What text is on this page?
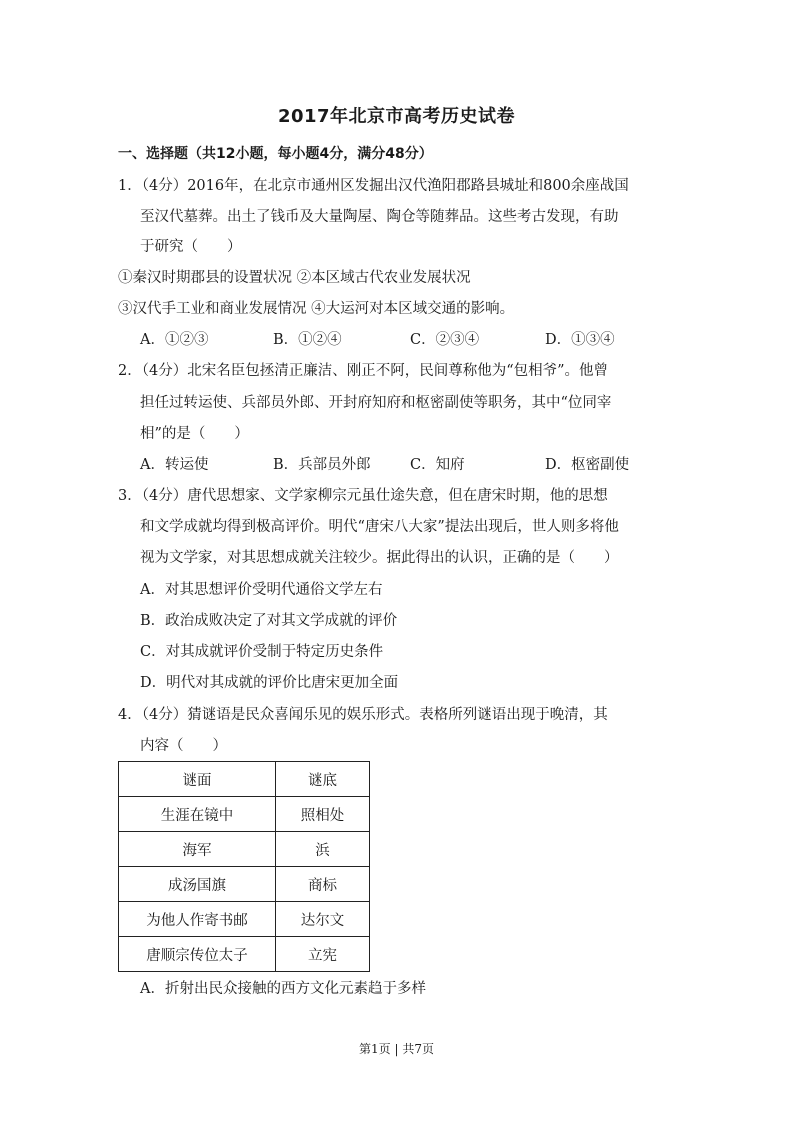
2017年北京市高考历史试卷
一、选择题（共12小题，每小题4分，满分48分）
1．（4分）2016年，在北京市通州区发掘出汉代渔阳郡路县城址和800余座战国
至汉代墓葬。出土了钱币及大量陶屋、陶仓等随葬品。这些考古发现，有助
于研究（　　）
①秦汉时期郡县的设置状况 ②本区域古代农业发展状况
③汉代手工业和商业发展情况 ④大运河对本区域交通的影响。
A．①②③	B．①②④	C．②③④	D．①③④
2．（4分）北宋名臣包拯清正廉洁、刚正不阿，民间尊称他为“包相爷”。他曾
担任过转运使、兵部员外郎、开封府知府和枢密副使等职务，其中“位同宰
相”的是（　　）
A．转运使	B．兵部员外郎	C．知府	D．枢密副使
3．（4分）唐代思想家、文学家柳宗元虽仕途失意，但在唐宋时期，他的思想
和文学成就均得到极高评价。明代“唐宋八大家”提法出现后，世人则多将他
视为文学家，对其思想成就关注较少。据此得出的认识，正确的是（　　）
A．对其思想评价受明代通俗文学左右
B．政治成败决定了对其文学成就的评价
C．对其成就评价受制于特定历史条件
D．明代对其成就的评价比唐宋更加全面
4．（4分）猜谜语是民众喜闻乐见的娱乐形式。表格所列谜语出现于晚清，其
内容（　　）
谜面	谜底
生涯在镜中	照相处
海军	浜
成汤国旗	商标
为他人作寄书邮	达尔文
唐顺宗传位太子	立宪
A．折射出民众接触的西方文化元素趋于多样
第1页 | 共7页
